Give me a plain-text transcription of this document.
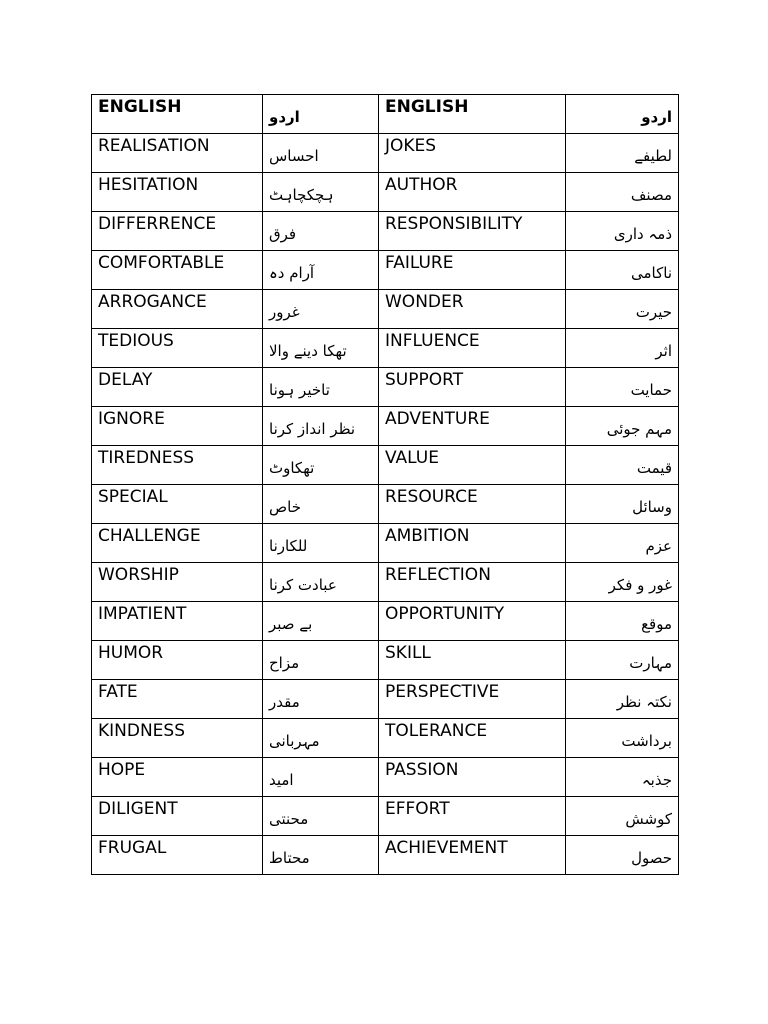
ENGLISH	اردو	ENGLISH	اردو
REALISATION	احساس	JOKES	لطیفے
HESITATION	ہچکچاہٹ	AUTHOR	مصنف
DIFFERRENCE	فرق	RESPONSIBILITY	ذمہ داری
COMFORTABLE	آرام دہ	FAILURE	ناکامی
ARROGANCE	غرور	WONDER	حیرت
TEDIOUS	تھکا دینے والا	INFLUENCE	اثر
DELAY	تاخیر ہونا	SUPPORT	حمایت
IGNORE	نظر انداز کرنا	ADVENTURE	مہم جوئی
TIREDNESS	تھکاوٹ	VALUE	قیمت
SPECIAL	خاص	RESOURCE	وسائل
CHALLENGE	للکارنا	AMBITION	عزم
WORSHIP	عبادت کرنا	REFLECTION	غور و فکر
IMPATIENT	بے صبر	OPPORTUNITY	موقع
HUMOR	مزاح	SKILL	مہارت
FATE	مقدر	PERSPECTIVE	نکتہ نظر
KINDNESS	مہربانی	TOLERANCE	برداشت
HOPE	امید	PASSION	جذبہ
DILIGENT	محنتی	EFFORT	کوشش
FRUGAL	محتاط	ACHIEVEMENT	حصول
